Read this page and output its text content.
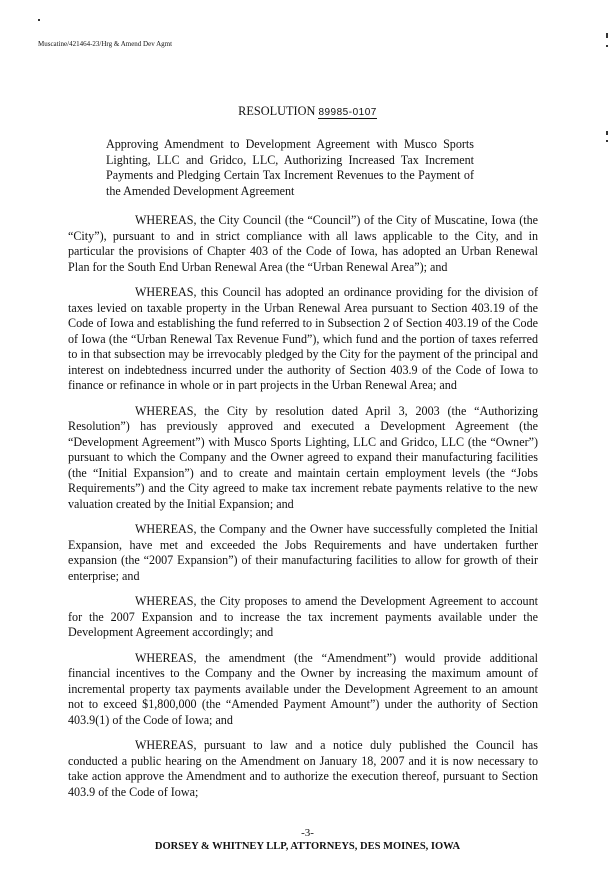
Muscatine/421464-23/Hrg & Amend Dev Agmt
RESOLUTION 89985-0107
Approving Amendment to Development Agreement with Musco Sports Lighting, LLC and Gridco, LLC, Authorizing Increased Tax Increment Payments and Pledging Certain Tax Increment Revenues to the Payment of the Amended Development Agreement
WHEREAS, the City Council (the “Council”) of the City of Muscatine, Iowa (the “City”), pursuant to and in strict compliance with all laws applicable to the City, and in particular the provisions of Chapter 403 of the Code of Iowa, has adopted an Urban Renewal Plan for the South End Urban Renewal Area (the “Urban Renewal Area”); and
WHEREAS, this Council has adopted an ordinance providing for the division of taxes levied on taxable property in the Urban Renewal Area pursuant to Section 403.19 of the Code of Iowa and establishing the fund referred to in Subsection 2 of Section 403.19 of the Code of Iowa (the “Urban Renewal Tax Revenue Fund”), which fund and the portion of taxes referred to in that subsection may be irrevocably pledged by the City for the payment of the principal and interest on indebtedness incurred under the authority of Section 403.9 of the Code of Iowa to finance or refinance in whole or in part projects in the Urban Renewal Area; and
WHEREAS, the City by resolution dated April 3, 2003 (the “Authorizing Resolution”) has previously approved and executed a Development Agreement (the “Development Agreement”) with Musco Sports Lighting, LLC and Gridco, LLC (the “Owner”) pursuant to which the Company and the Owner agreed to expand their manufacturing facilities (the “Initial Expansion”) and to create and maintain certain employment levels (the “Jobs Requirements”) and the City agreed to make tax increment rebate payments relative to the new valuation created by the Initial Expansion; and
WHEREAS, the Company and the Owner have successfully completed the Initial Expansion, have met and exceeded the Jobs Requirements and have undertaken further expansion (the “2007 Expansion”) of their manufacturing facilities to allow for growth of their enterprise; and
WHEREAS, the City proposes to amend the Development Agreement to account for the 2007 Expansion and to increase the tax increment payments available under the Development Agreement accordingly; and
WHEREAS, the amendment (the “Amendment”) would provide additional financial incentives to the Company and the Owner by increasing the maximum amount of incremental property tax payments available under the Development Agreement to an amount not to exceed $1,800,000 (the “Amended Payment Amount”) under the authority of Section 403.9(1) of the Code of Iowa; and
WHEREAS, pursuant to law and a notice duly published the Council has conducted a public hearing on the Amendment on January 18, 2007 and it is now necessary to take action approve the Amendment and to authorize the execution thereof, pursuant to Section 403.9 of the Code of Iowa;
-3-
DORSEY & WHITNEY LLP, ATTORNEYS, DES MOINES, IOWA
